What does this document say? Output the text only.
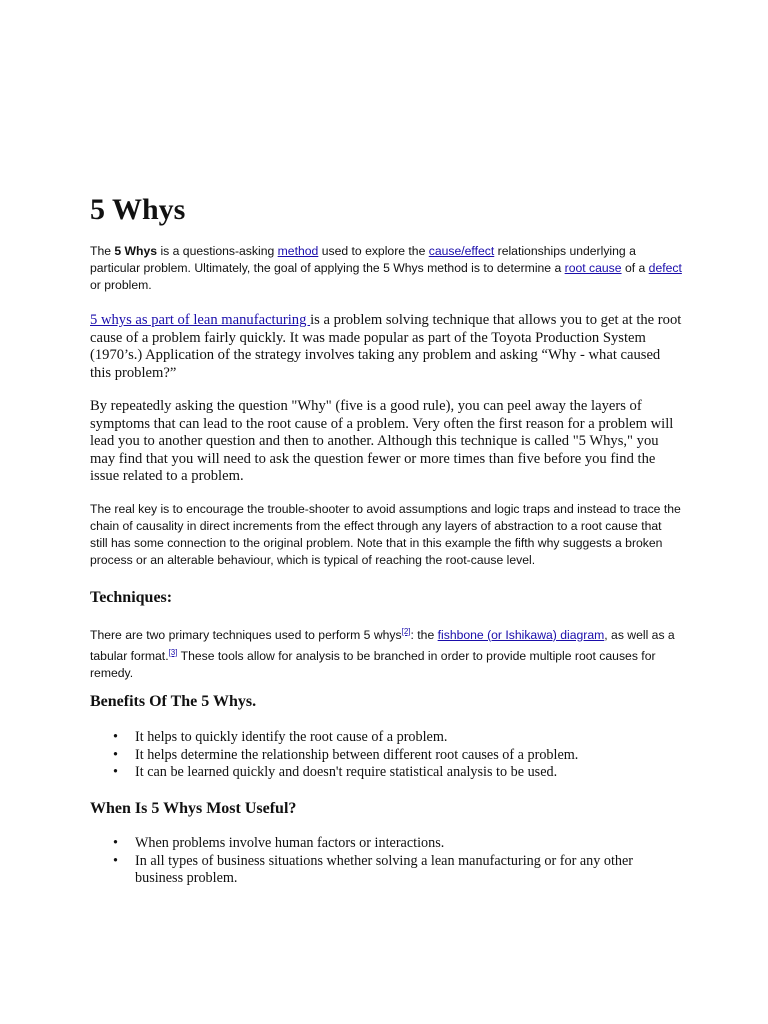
5 Whys

The 5 Whys is a questions-asking method used to explore the cause/effect relationships underlying a particular problem. Ultimately, the goal of applying the 5 Whys method is to determine a root cause of a defect or problem.

5 whys as part of lean manufacturing is a problem solving technique that allows you to get at the root cause of a problem fairly quickly. It was made popular as part of the Toyota Production System (1970’s.) Application of the strategy involves taking any problem and asking “Why - what caused this problem?”

By repeatedly asking the question "Why" (five is a good rule), you can peel away the layers of symptoms that can lead to the root cause of a problem. Very often the first reason for a problem will lead you to another question and then to another. Although this technique is called "5 Whys," you may find that you will need to ask the question fewer or more times than five before you find the issue related to a problem.

The real key is to encourage the trouble-shooter to avoid assumptions and logic traps and instead to trace the chain of causality in direct increments from the effect through any layers of abstraction to a root cause that still has some connection to the original problem. Note that in this example the fifth why suggests a broken process or an alterable behaviour, which is typical of reaching the root-cause level.

Techniques:

There are two primary techniques used to perform 5 whys[2]: the fishbone (or Ishikawa) diagram, as well as a tabular format.[3] These tools allow for analysis to be branched in order to provide multiple root causes for remedy.

Benefits Of The 5 Whys.
• It helps to quickly identify the root cause of a problem.
• It helps determine the relationship between different root causes of a problem.
• It can be learned quickly and doesn't require statistical analysis to be used.
When Is 5 Whys Most Useful?
• When problems involve human factors or interactions.
• In all types of business situations whether solving a lean manufacturing or for any other business problem.
